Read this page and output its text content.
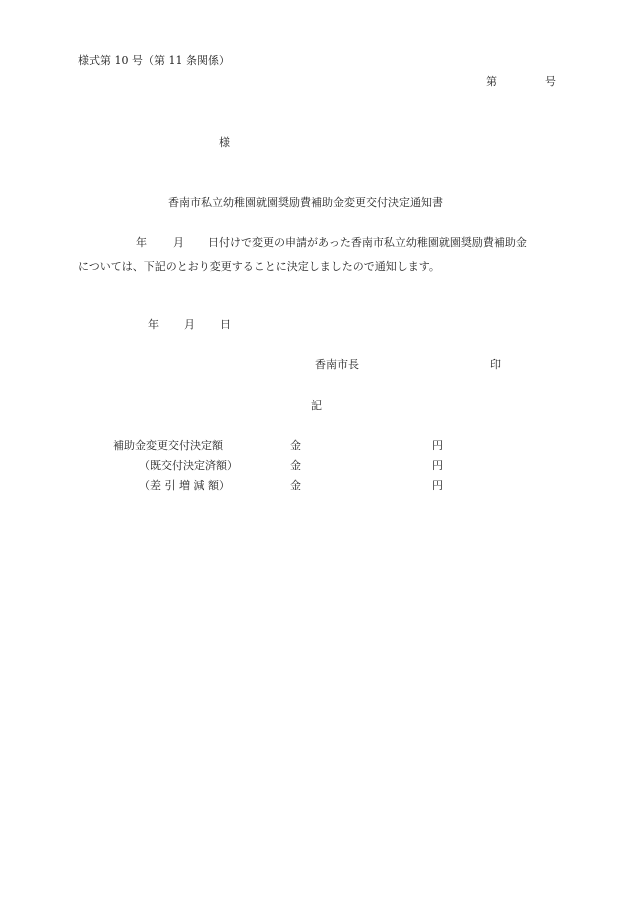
様式第 10 号（第 11 条関係）
第	号
様
香南市私立幼稚園就園奨励費補助金変更交付決定通知書
年 月 日付けで変更の申請があった香南市私立幼稚園就園奨励費補助金
については、下記のとおり変更することに決定しましたので通知します。
年 月 日
香南市長	印
記
補助金変更交付決定額	金	円
（既交付決定済額）	金	円
（差 引 増 減 額）	金	円
